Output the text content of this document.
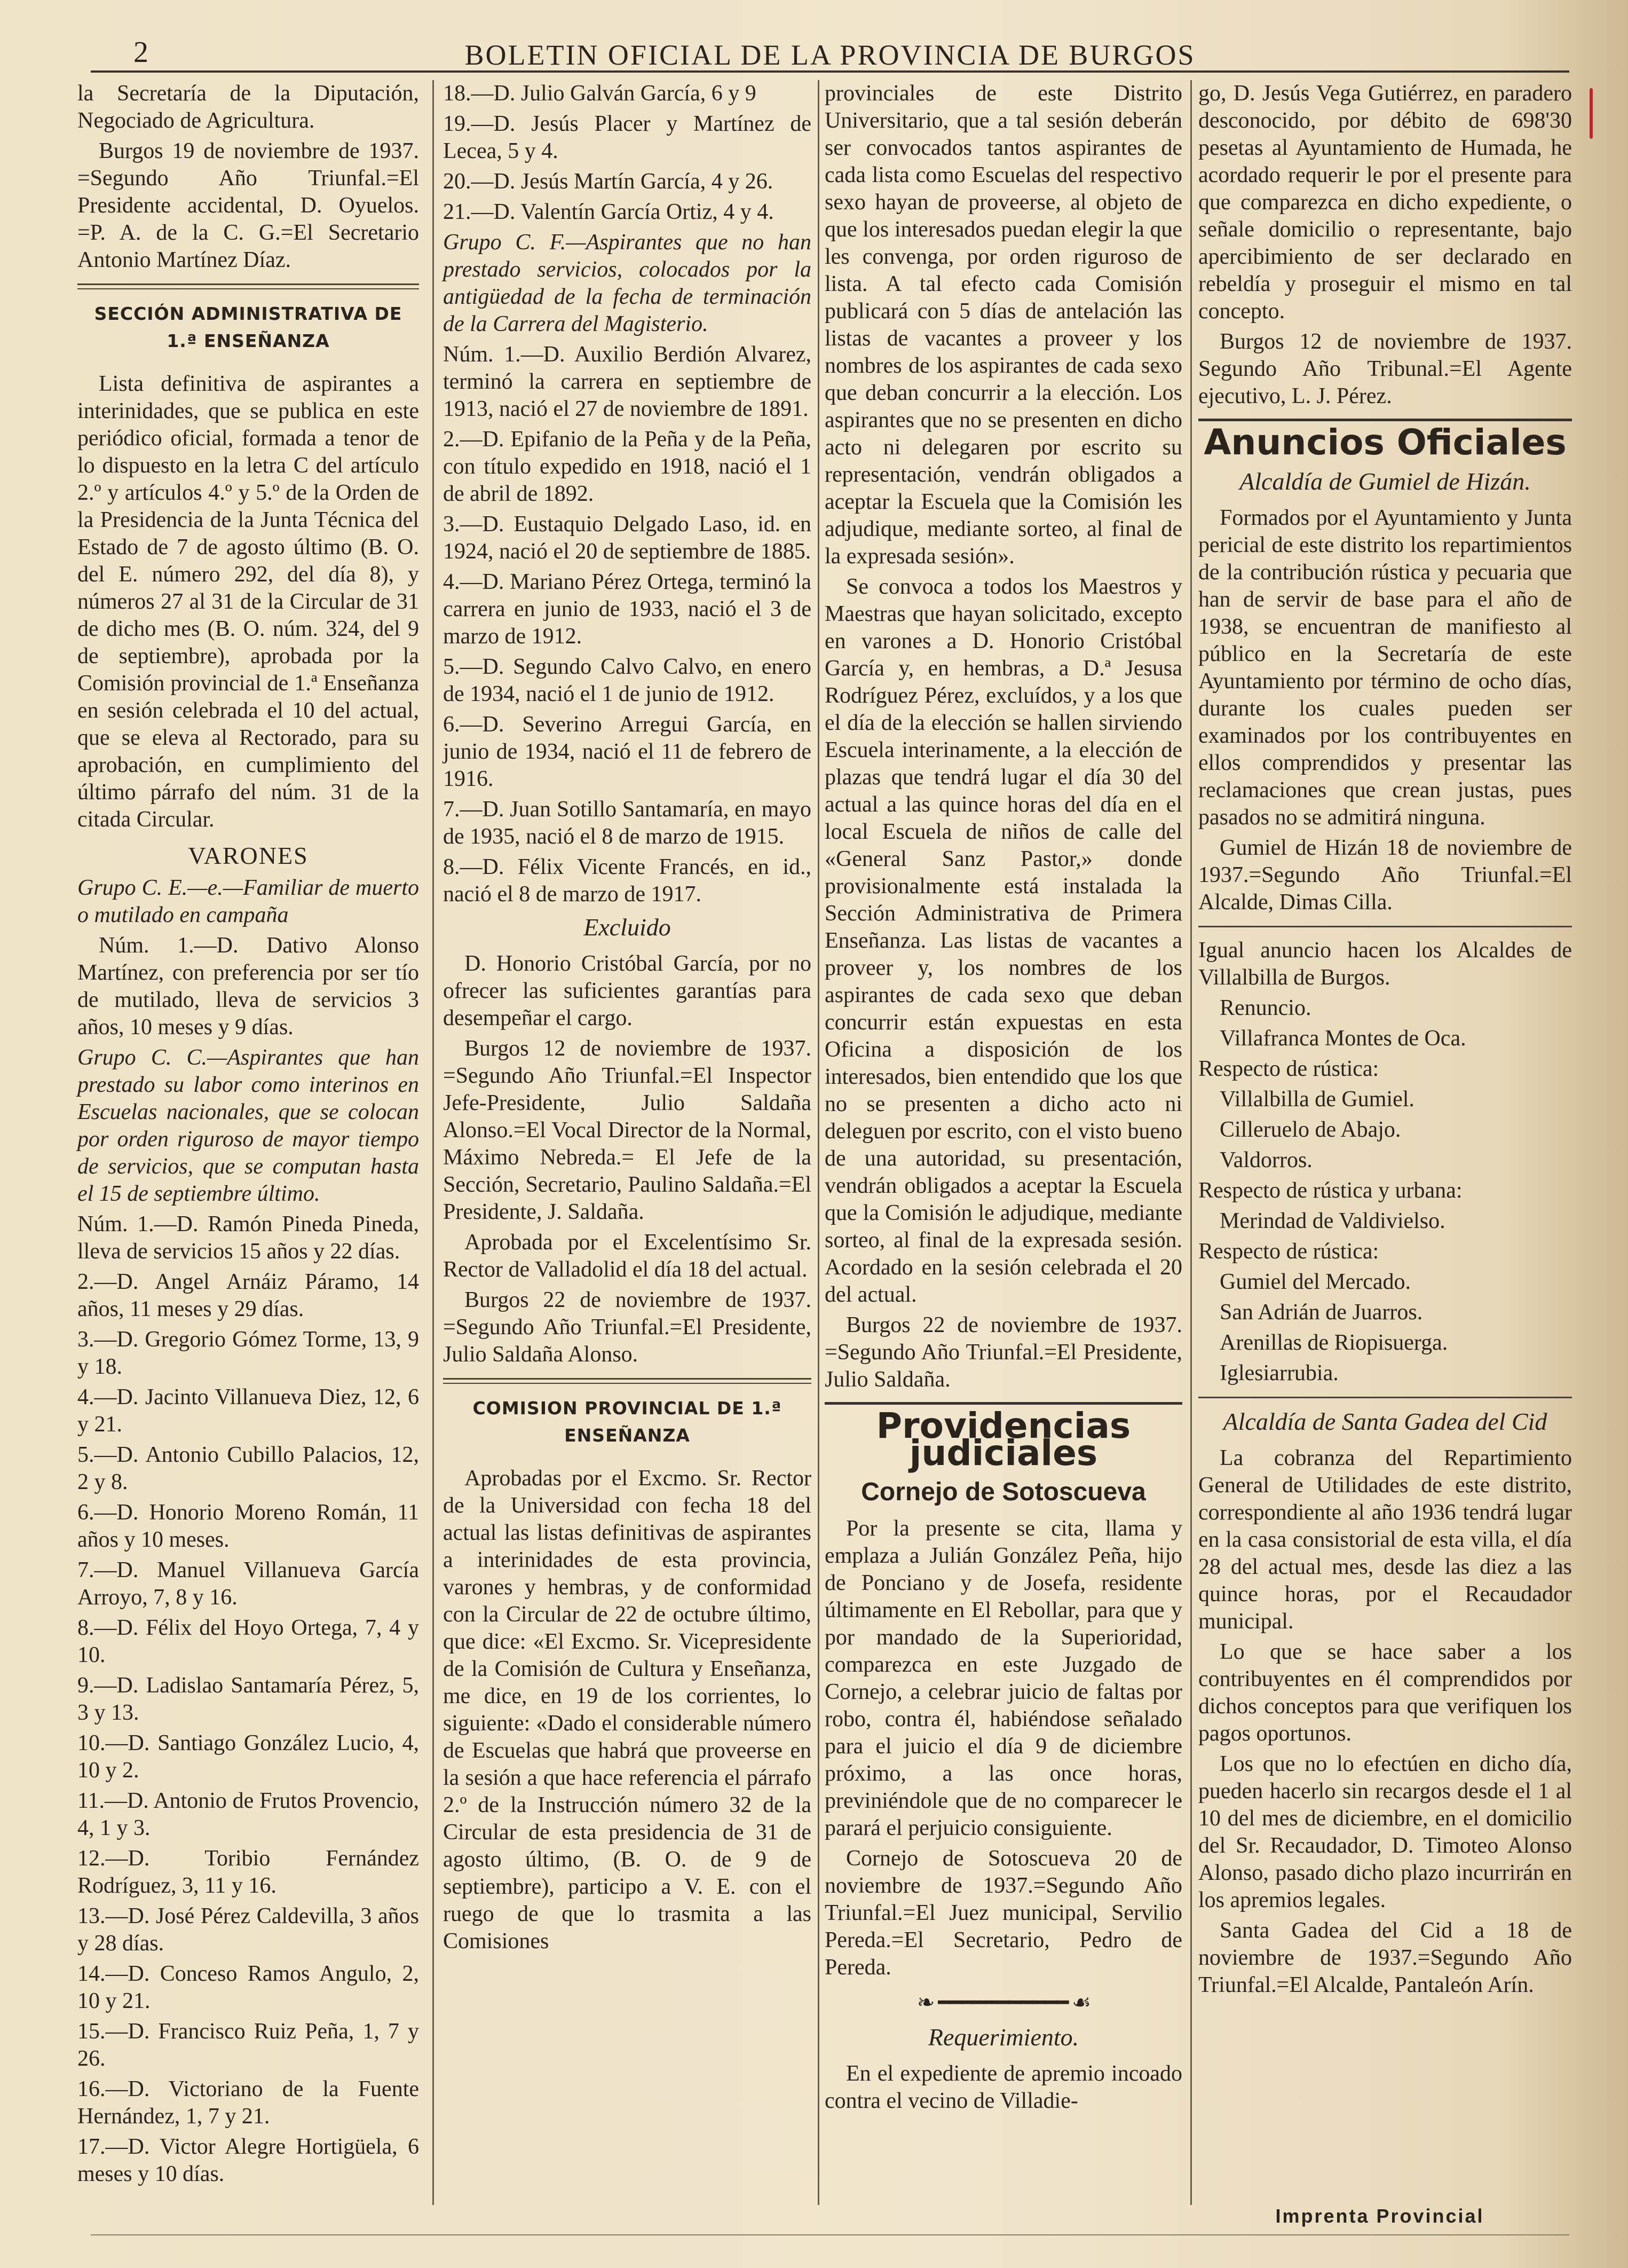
2	BOLETIN OFICIAL DE LA PROVINCIA DE BURGOS

la Secretaría de la Diputación, Negociado de Agricultura.

Burgos 19 de noviembre de 1937. =Segundo Año Triunfal.=El Presidente accidental, D. Oyuelos. =P. A. de la C. G.=El Secretario Antonio Martínez Díaz.

SECCIÓN ADMINISTRATIVA DE 1.ª ENSEÑANZA

Lista definitiva de aspirantes a interinidades, que se publica en este periódico oficial, formada a tenor de lo dispuesto en la letra C del artículo 2.º y artículos 4.º y 5.º de la Orden de la Presidencia de la Junta Técnica del Estado de 7 de agosto último (B. O. del E. número 292, del día 8), y números 27 al 31 de la Circular de 31 de dicho mes (B. O. núm. 324, del 9 de septiembre), aprobada por la Comisión provincial de 1.ª Enseñanza en sesión celebrada el 10 del actual, que se eleva al Rectorado, para su aprobación, en cumplimiento del último párrafo del núm. 31 de la citada Circular.

VARONES

Grupo C. E.—e.—Familiar de muerto o mutilado en campaña

Núm. 1.—D. Dativo Alonso Martínez, con preferencia por ser tío de mutilado, lleva de servicios 3 años, 10 meses y 9 días.

Grupo C. C.—Aspirantes que han prestado su labor como interinos en Escuelas nacionales, que se colocan por orden riguroso de mayor tiempo de servicios, que se computan hasta el 15 de septiembre último.

Núm. 1.—D. Ramón Pineda Pineda, lleva de servicios 15 años y 22 días.

2.—D. Angel Arnáiz Páramo, 14 años, 11 meses y 29 días.

3.—D. Gregorio Gómez Torme, 13, 9 y 18.

4.—D. Jacinto Villanueva Diez, 12, 6 y 21.

5.—D. Antonio Cubillo Palacios, 12, 2 y 8.

6.—D. Honorio Moreno Román, 11 años y 10 meses.

7.—D. Manuel Villanueva García Arroyo, 7, 8 y 16.

8.—D. Félix del Hoyo Ortega, 7, 4 y 10.

9.—D. Ladislao Santamaría Pérez, 5, 3 y 13.

10.—D. Santiago González Lucio, 4, 10 y 2.

11.—D. Antonio de Frutos Provencio, 4, 1 y 3.

12.—D. Toribio Fernández Rodríguez, 3, 11 y 16.

13.—D. José Pérez Caldevilla, 3 años y 28 días.

14.—D. Conceso Ramos Angulo, 2, 10 y 21.

15.—D. Francisco Ruiz Peña, 1, 7 y 26.

16.—D. Victoriano de la Fuente Hernández, 1, 7 y 21.

17.—D. Victor Alegre Hortigüela, 6 meses y 10 días.

18.—D. Julio Galván García, 6 y 9

19.—D. Jesús Placer y Martínez de Lecea, 5 y 4.

20.—D. Jesús Martín García, 4 y 26.

21.—D. Valentín García Ortiz, 4 y 4.

Grupo C. F.—Aspirantes que no han prestado servicios, colocados por la antigüedad de la fecha de terminación de la Carrera del Magisterio.

Núm. 1.—D. Auxilio Berdión Alvarez, terminó la carrera en septiembre de 1913, nació el 27 de noviembre de 1891.

2.—D. Epifanio de la Peña y de la Peña, con título expedido en 1918, nació el 1 de abril de 1892.

3.—D. Eustaquio Delgado Laso, id. en 1924, nació el 20 de septiembre de 1885.

4.—D. Mariano Pérez Ortega, terminó la carrera en junio de 1933, nació el 3 de marzo de 1912.

5.—D. Segundo Calvo Calvo, en enero de 1934, nació el 1 de junio de 1912.

6.—D. Severino Arregui García, en junio de 1934, nació el 11 de febrero de 1916.

7.—D. Juan Sotillo Santamaría, en mayo de 1935, nació el 8 de marzo de 1915.

8.—D. Félix Vicente Francés, en id., nació el 8 de marzo de 1917.

Excluido

D. Honorio Cristóbal García, por no ofrecer las suficientes garantías para desempeñar el cargo.

Burgos 12 de noviembre de 1937. =Segundo Año Triunfal.=El Inspector Jefe-Presidente, Julio Saldaña Alonso.=El Vocal Director de la Normal, Máximo Nebreda.= El Jefe de la Sección, Secretario, Paulino Saldaña.=El Presidente, J. Saldaña.

Aprobada por el Excelentísimo Sr. Rector de Valladolid el día 18 del actual.

Burgos 22 de noviembre de 1937. =Segundo Año Triunfal.=El Presidente, Julio Saldaña Alonso.

COMISION PROVINCIAL DE 1.ª ENSEÑANZA

Aprobadas por el Excmo. Sr. Rector de la Universidad con fecha 18 del actual las listas definitivas de aspirantes a interinidades de esta provincia, varones y hembras, y de conformidad con la Circular de 22 de octubre último, que dice: «El Excmo. Sr. Vicepresidente de la Comisión de Cultura y Enseñanza, me dice, en 19 de los corrientes, lo siguiente: «Dado el considerable número de Escuelas que habrá que proveerse en la sesión a que hace referencia el párrafo 2.º de la Instrucción número 32 de la Circular de esta presidencia de 31 de agosto último, (B. O. de 9 de septiembre), participo a V. E. con el ruego de que lo trasmita a las Comisiones

provinciales de este Distrito Universitario, que a tal sesión deberán ser convocados tantos aspirantes de cada lista como Escuelas del respectivo sexo hayan de proveerse, al objeto de que los interesados puedan elegir la que les convenga, por orden riguroso de lista. A tal efecto cada Comisión publicará con 5 días de antelación las listas de vacantes a proveer y los nombres de los aspirantes de cada sexo que deban concurrir a la elección. Los aspirantes que no se presenten en dicho acto ni delegaren por escrito su representación, vendrán obligados a aceptar la Escuela que la Comisión les adjudique, mediante sorteo, al final de la expresada sesión».

Se convoca a todos los Maestros y Maestras que hayan solicitado, excepto en varones a D. Honorio Cristóbal García y, en hembras, a D.ª Jesusa Rodríguez Pérez, excluídos, y a los que el día de la elección se hallen sirviendo Escuela interinamente, a la elección de plazas que tendrá lugar el día 30 del actual a las quince horas del día en el local Escuela de niños de calle del «General Sanz Pastor,» donde provisionalmente está instalada la Sección Administrativa de Primera Enseñanza. Las listas de vacantes a proveer y, los nombres de los aspirantes de cada sexo que deban concurrir están expuestas en esta Oficina a disposición de los interesados, bien entendido que los que no se presenten a dicho acto ni deleguen por escrito, con el visto bueno de una autoridad, su presentación, vendrán obligados a aceptar la Escuela que la Comisión le adjudique, mediante sorteo, al final de la expresada sesión. Acordado en la sesión celebrada el 20 del actual.

Burgos 22 de noviembre de 1937. =Segundo Año Triunfal.=El Presidente, Julio Saldaña.

Providencias judiciales
Cornejo de Sotoscueva

Por la presente se cita, llama y emplaza a Julián González Peña, hijo de Ponciano y de Josefa, residente últimamente en El Rebollar, para que y por mandado de la Superioridad, comparezca en este Juzgado de Cornejo, a celebrar juicio de faltas por robo, contra él, habiéndose señalado para el juicio el día 9 de diciembre próximo, a las once horas, previniéndole que de no comparecer le parará el perjuicio consiguiente.

Cornejo de Sotoscueva 20 de noviembre de 1937.=Segundo Año Triunfal.=El Juez municipal, Servilio Pereda.=El Secretario, Pedro de Pereda.

❧ ━━━━━━━━━━━ ☙
Requerimiento.

En el expediente de apremio incoado contra el vecino de Villadie-

go, D. Jesús Vega Gutiérrez, en paradero desconocido, por débito de 698'30 pesetas al Ayuntamiento de Humada, he acordado requerir le por el presente para que comparezca en dicho expediente, o señale domicilio o representante, bajo apercibimiento de ser declarado en rebeldía y proseguir el mismo en tal concepto.

Burgos 12 de noviembre de 1937. Segundo Año Tribunal.=El Agente ejecutivo, L. J. Pérez.

Anuncios Oficiales
Alcaldía de Gumiel de Hizán.

Formados por el Ayuntamiento y Junta pericial de este distrito los repartimientos de la contribución rústica y pecuaria que han de servir de base para el año de 1938, se encuentran de manifiesto al público en la Secretaría de este Ayuntamiento por término de ocho días, durante los cuales pueden ser examinados por los contribuyentes en ellos comprendidos y presentar las reclamaciones que crean justas, pues pasados no se admitirá ninguna.

Gumiel de Hizán 18 de noviembre de 1937.=Segundo Año Triunfal.=El Alcalde, Dimas Cilla.

Igual anuncio hacen los Alcaldes de Villalbilla de Burgos.

Renuncio.

Villafranca Montes de Oca.

Respecto de rústica:

Villalbilla de Gumiel.

Cilleruelo de Abajo.

Valdorros.

Respecto de rústica y urbana:

Merindad de Valdivielso.

Respecto de rústica:

Gumiel del Mercado.

San Adrián de Juarros.

Arenillas de Riopisuerga.

Iglesiarrubia.

Alcaldía de Santa Gadea del Cid

La cobranza del Repartimiento General de Utilidades de este distrito, correspondiente al año 1936 tendrá lugar en la casa consistorial de esta villa, el día 28 del actual mes, desde las diez a las quince horas, por el Recaudador municipal.

Lo que se hace saber a los contribuyentes en él comprendidos por dichos conceptos para que verifiquen los pagos oportunos.

Los que no lo efectúen en dicho día, pueden hacerlo sin recargos desde el 1 al 10 del mes de diciembre, en el domicilio del Sr. Recaudador, D. Timoteo Alonso Alonso, pasado dicho plazo incurrirán en los apremios legales.

Santa Gadea del Cid a 18 de noviembre de 1937.=Segundo Año Triunfal.=El Alcalde, Pantaleón Arín.

Imprenta Provincial
